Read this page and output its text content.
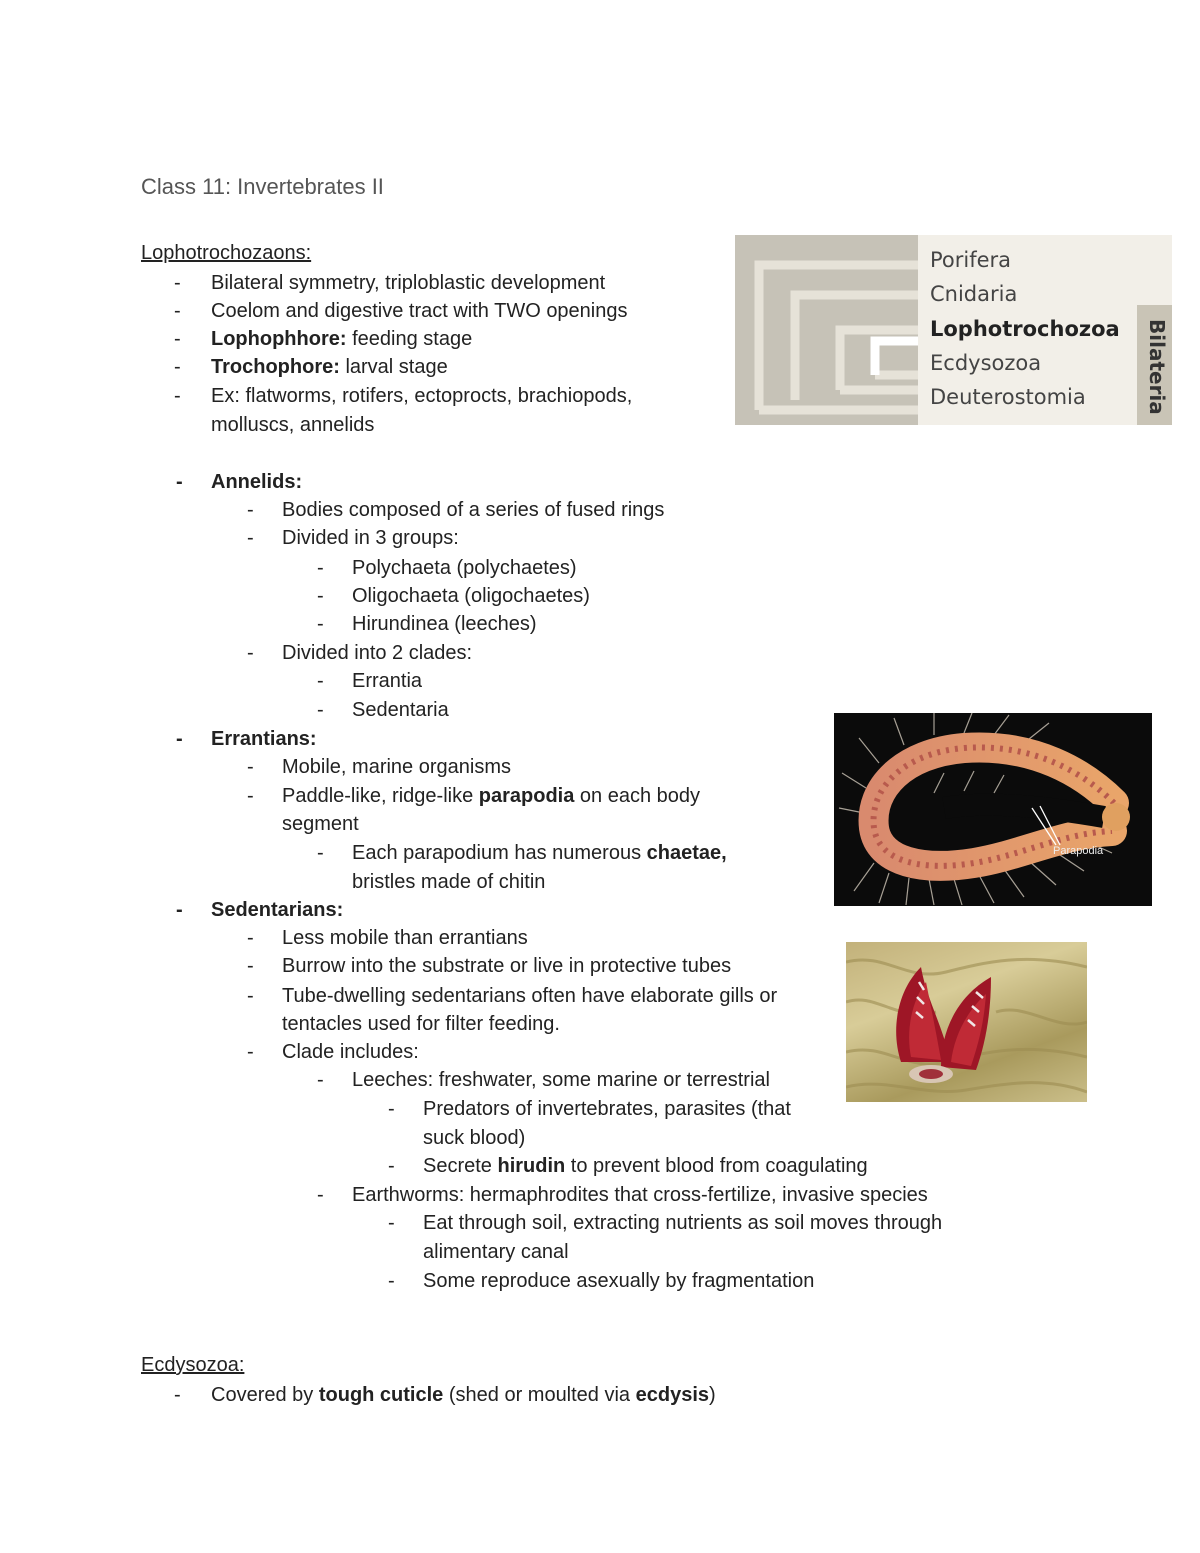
Class 11: Invertebrates II
Lophotrochozaons:
- Bilateral symmetry, triploblastic development
- Coelom and digestive tract with TWO openings
- Lophophhore: feeding stage
- Trochophore: larval stage
- Ex: flatworms, rotifers, ectoprocts, brachiopods,
molluscs, annelids
Porifera
Cnidaria
Lophotrochozoa
Ecdysozoa
Deuterostomia	Bilateria
- Annelids:
- Bodies composed of a series of fused rings
- Divided in 3 groups:
- Polychaeta (polychaetes)
- Oligochaeta (oligochaetes)
- Hirundinea (leeches)
- Divided into 2 clades:
- Errantia
- Sedentaria
- Errantians:
- Mobile, marine organisms
- Paddle-like, ridge-like parapodia on each body
segment
- Each parapodium has numerous chaetae,
bristles made of chitin
Parapodia
- Sedentarians:
- Less mobile than errantians
- Burrow into the substrate or live in protective tubes
- Tube-dwelling sedentarians often have elaborate gills or
tentacles used for filter feeding.
- Clade includes:
- Leeches: freshwater, some marine or terrestrial
- Predators of invertebrates, parasites (that
suck blood)
- Secrete hirudin to prevent blood from coagulating
- Earthworms: hermaphrodites that cross-fertilize, invasive species
- Eat through soil, extracting nutrients as soil moves through
alimentary canal
- Some reproduce asexually by fragmentation
Ecdysozoa:
- Covered by tough cuticle (shed or moulted via ecdysis)
